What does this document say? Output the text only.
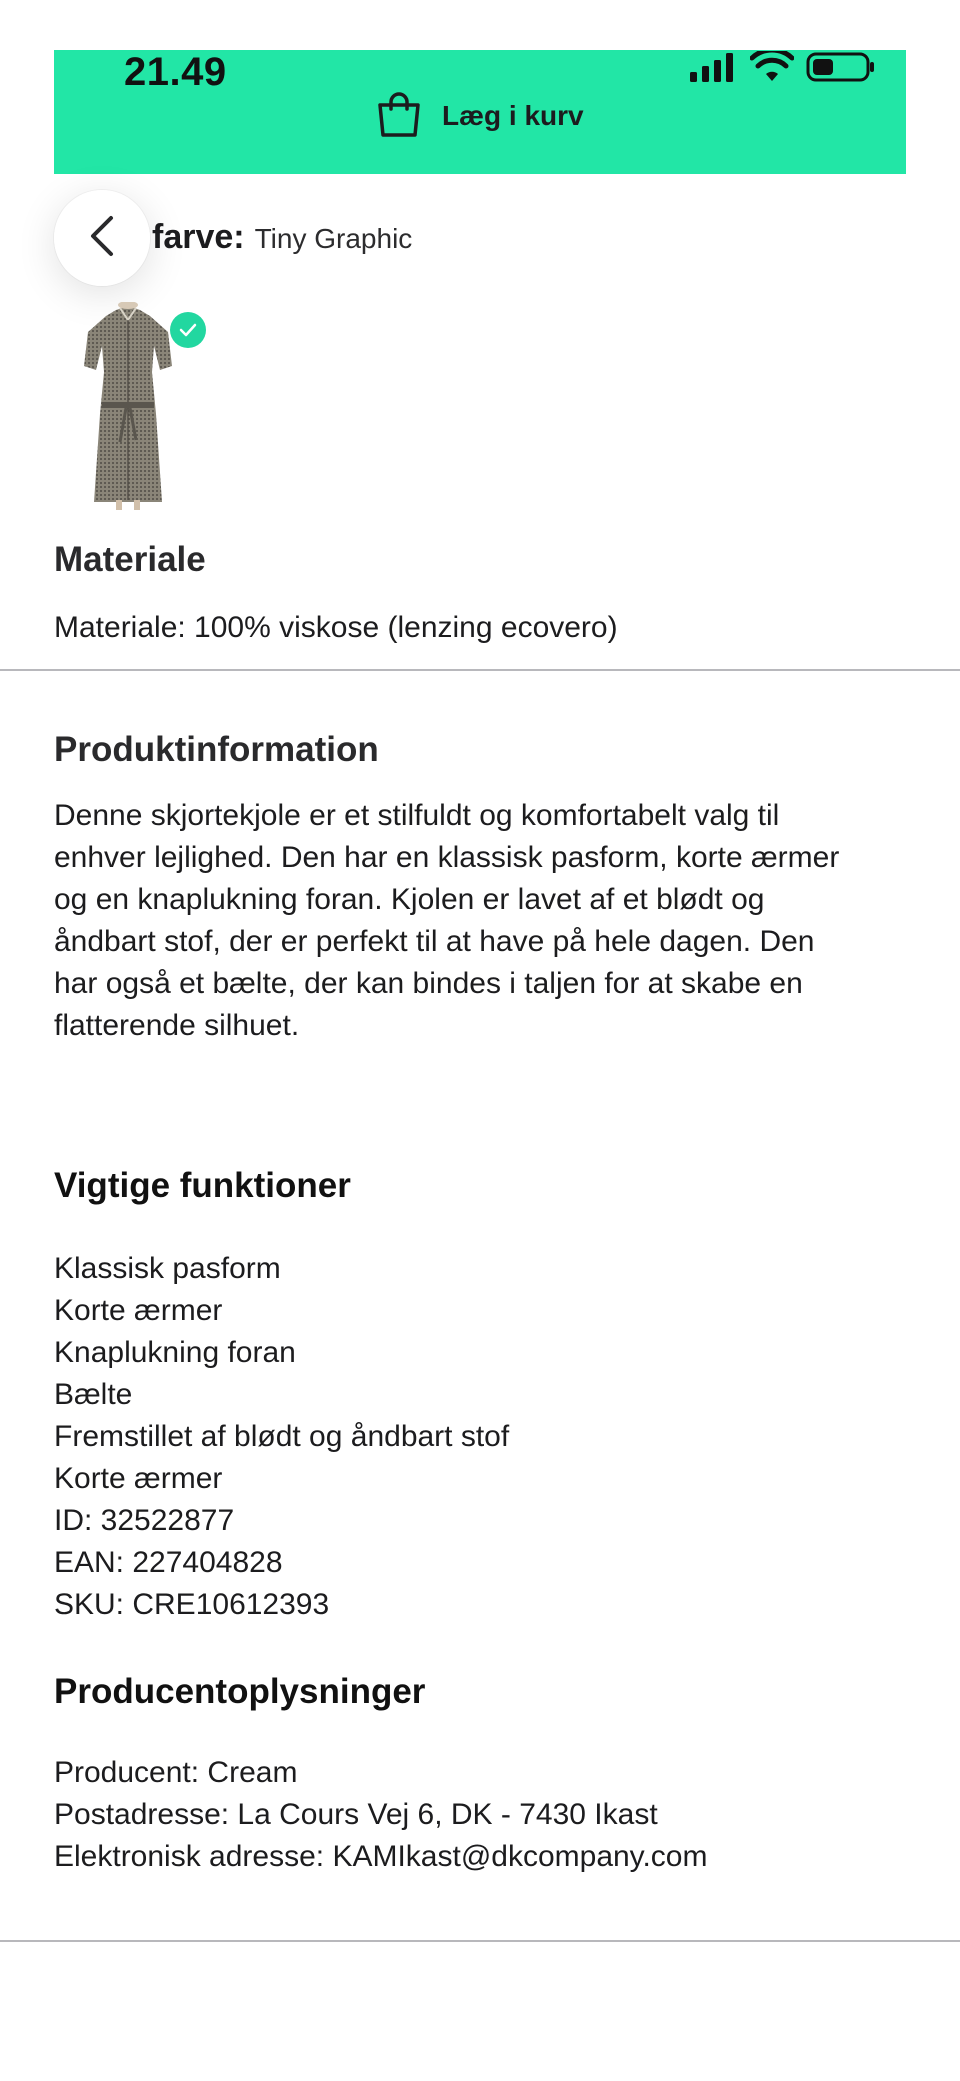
21.49
Læg i kurv
farve: Tiny Graphic
Materiale

Materiale: 100% viskose (lenzing ecovero)

Produktinformation
Denne skjortekjole er et stilfuldt og komfortabelt valg til
enhver lejlighed. Den har en klassisk pasform, korte ærmer
og en knaplukning foran. Kjolen er lavet af et blødt og
åndbart stof, der er perfekt til at have på hele dagen. Den
har også et bælte, der kan bindes i taljen for at skabe en
flatterende silhuet.
Vigtige funktioner
Klassisk pasform
Korte ærmer
Knaplukning foran
Bælte
Fremstillet af blødt og åndbart stof
Korte ærmer
ID: 32522877
EAN: 227404828
SKU: CRE10612393
Producentoplysninger
Producent: Cream
Postadresse: La Cours Vej 6, DK - 7430 Ikast
Elektronisk adresse: KAMIkast@dkcompany.com
